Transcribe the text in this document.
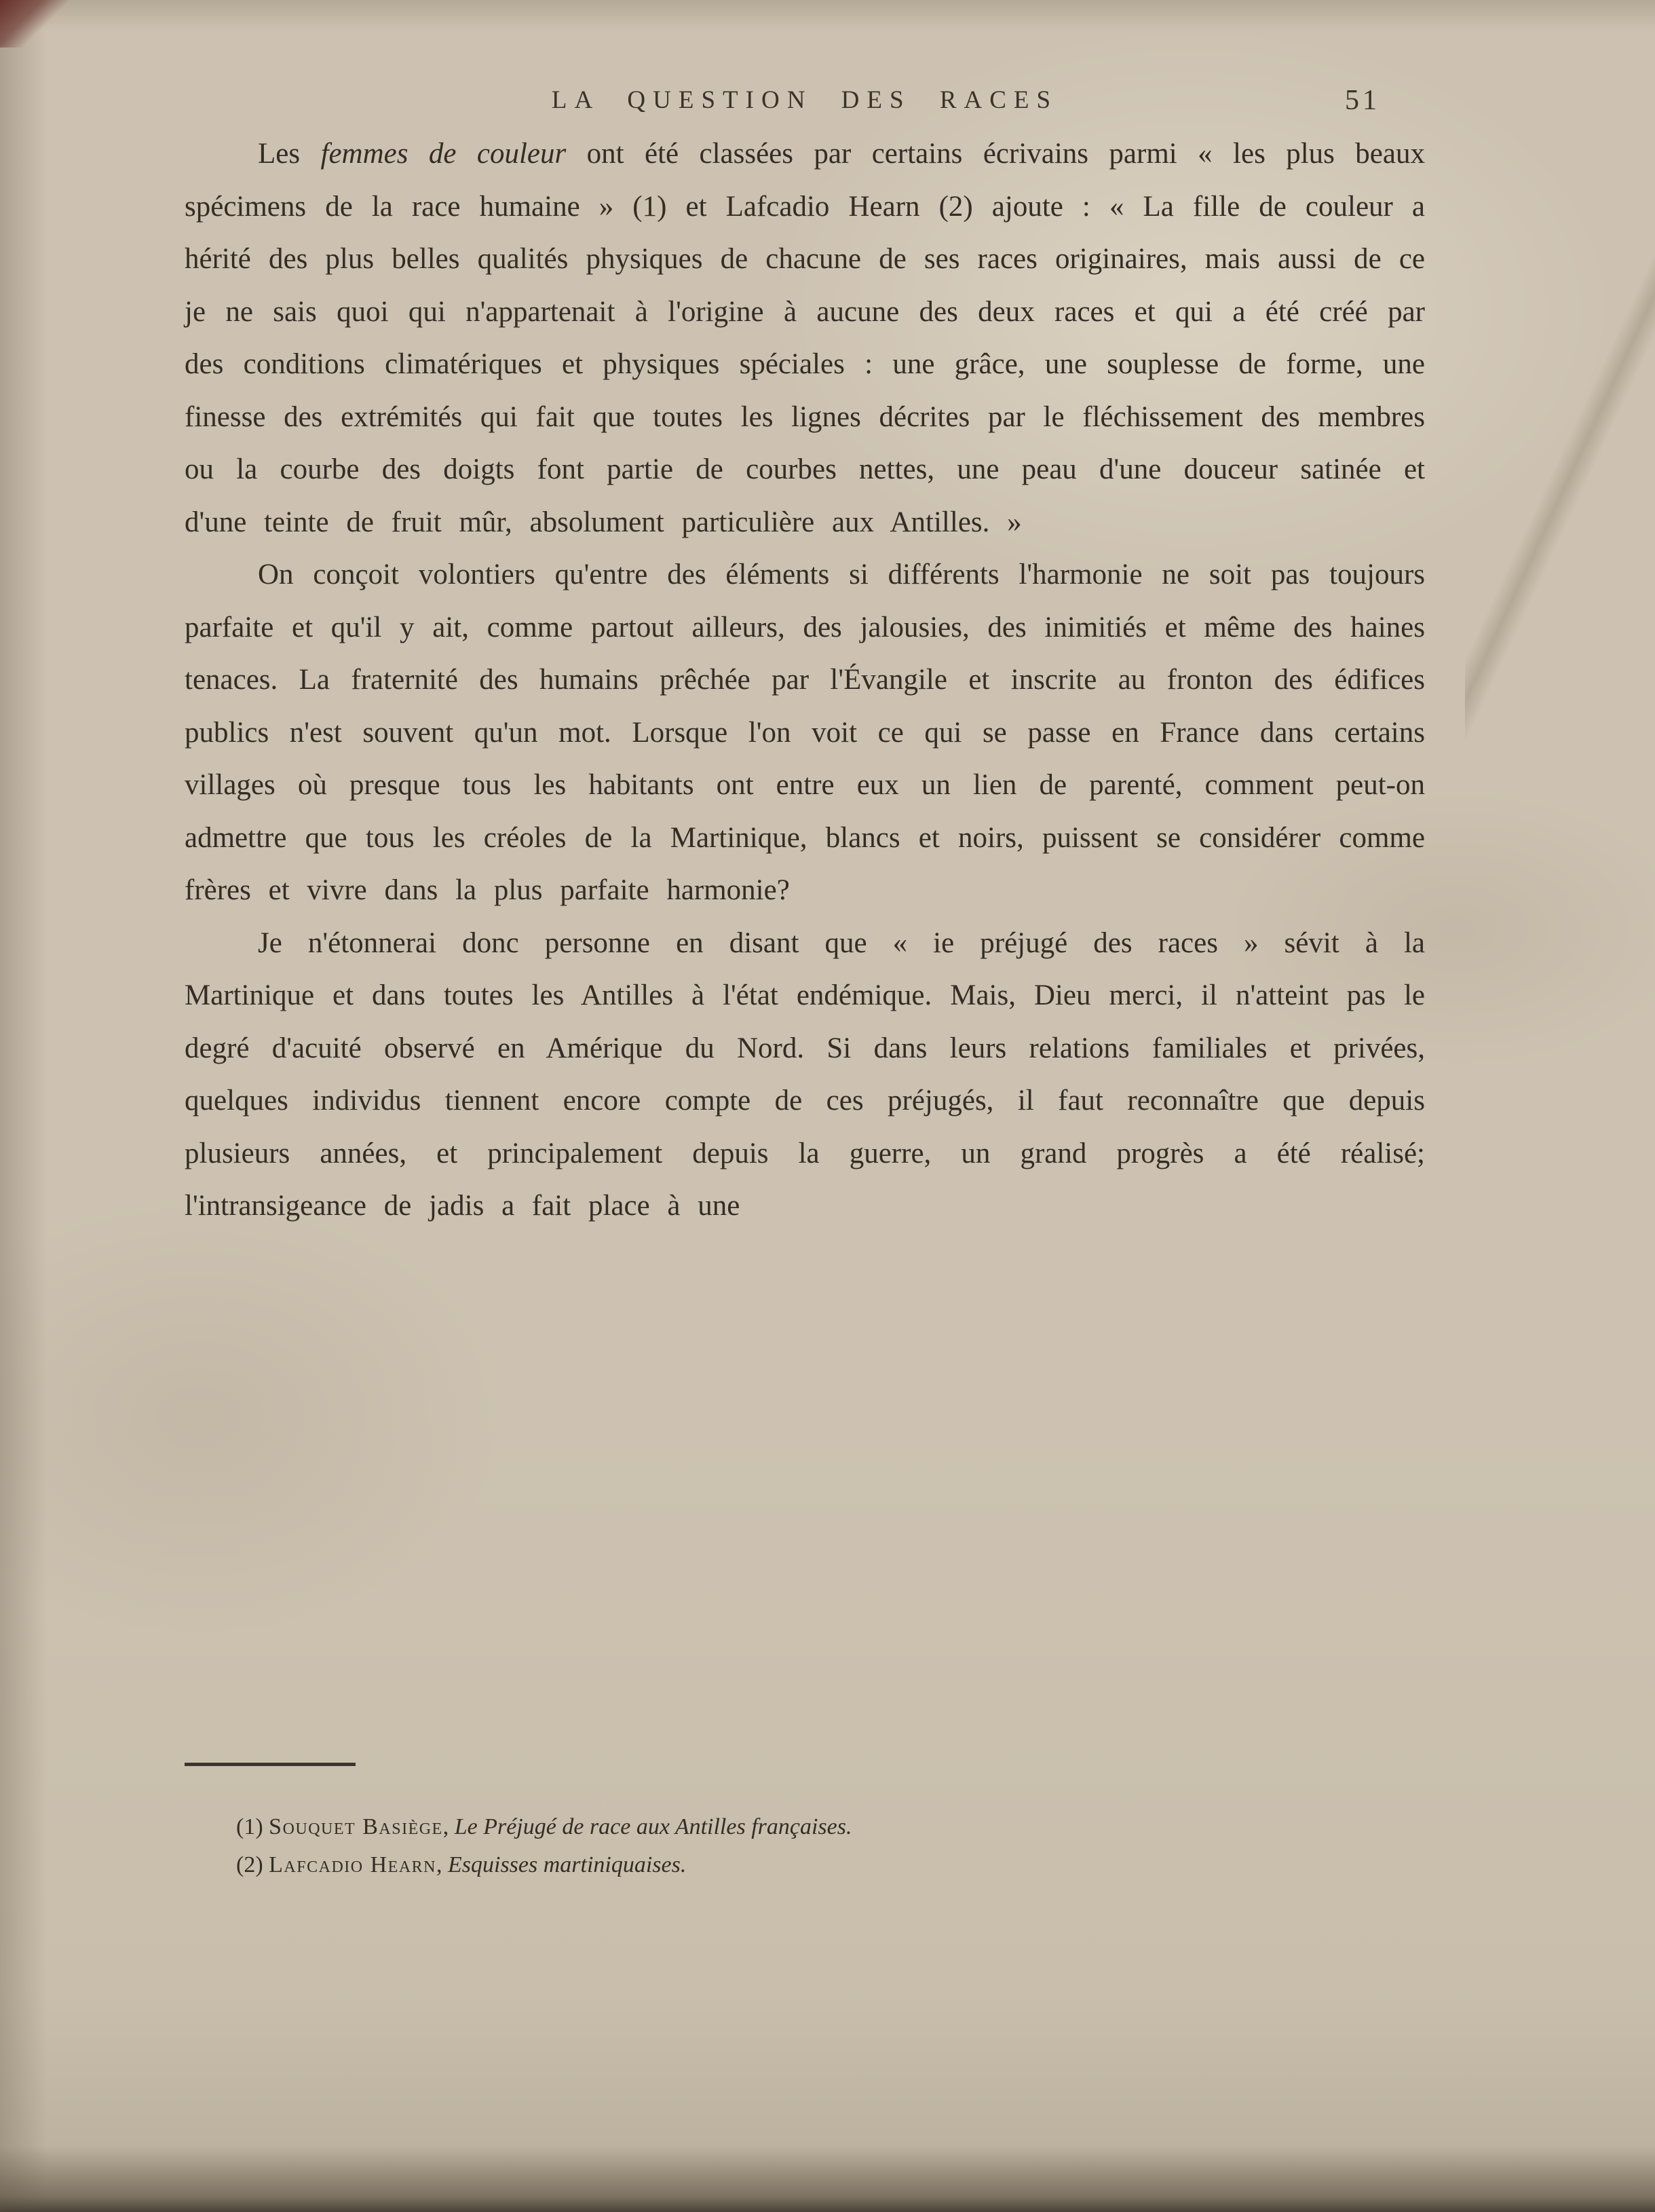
LA QUESTION DES RACES	51

Les femmes de couleur ont été classées par certains écrivains parmi « les plus beaux spécimens de la race humaine » (1) et Lafcadio Hearn (2) ajoute : « La fille de couleur a hérité des plus belles qualités physiques de chacune de ses races originaires, mais aussi de ce je ne sais quoi qui n'appartenait à l'origine à aucune des deux races et qui a été créé par des conditions climatériques et physiques spéciales : une grâce, une souplesse de forme, une finesse des extrémités qui fait que toutes les lignes décrites par le fléchissement des membres ou la courbe des doigts font partie de courbes nettes, une peau d'une douceur satinée et d'une teinte de fruit mûr, absolument particulière aux Antilles. »

On conçoit volontiers qu'entre des éléments si différents l'harmonie ne soit pas toujours parfaite et qu'il y ait, comme partout ailleurs, des jalousies, des inimitiés et même des haines tenaces. La fraternité des humains prêchée par l'Évangile et inscrite au fronton des édifices publics n'est souvent qu'un mot. Lorsque l'on voit ce qui se passe en France dans certains villages où presque tous les habitants ont entre eux un lien de parenté, comment peut-on admettre que tous les créoles de la Martinique, blancs et noirs, puissent se considérer comme frères et vivre dans la plus parfaite harmonie?

Je n'étonnerai donc personne en disant que « ie préjugé des races » sévit à la Martinique et dans toutes les Antilles à l'état endémique. Mais, Dieu merci, il n'atteint pas le degré d'acuité observé en Amérique du Nord. Si dans leurs relations familiales et privées, quelques individus tiennent encore compte de ces préjugés, il faut reconnaître que depuis plusieurs années, et principalement depuis la guerre, un grand progrès a été réalisé; l'intransigeance de jadis a fait place à une

(1) Souquet Basiège, Le Préjugé de race aux Antilles françaises.

(2) Lafcadio Hearn, Esquisses martiniquaises.
